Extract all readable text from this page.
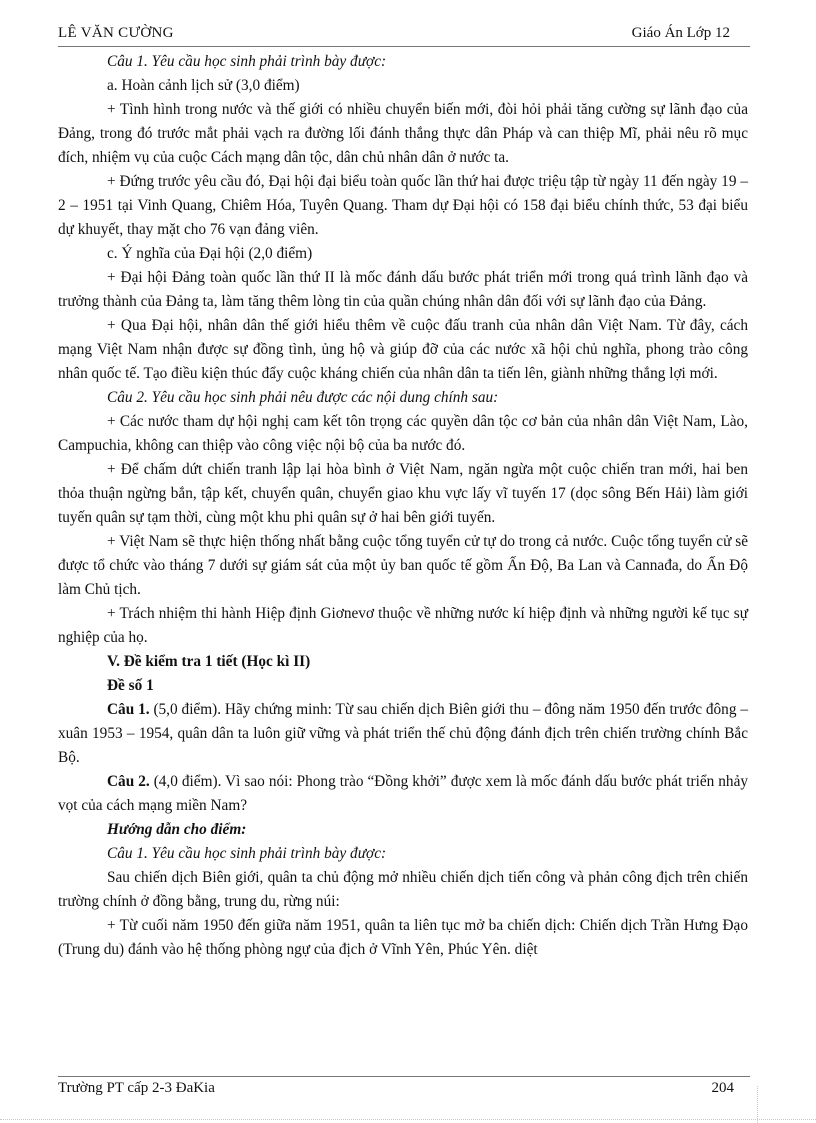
LÊ VĂN CƯỜNG	Giáo Án Lớp 12

Câu 1. Yêu cầu học sinh phải trình bày được:

a. Hoàn cảnh lịch sử (3,0 điểm)

+ Tình hình trong nước và thế giới có nhiều chuyển biến mới, đòi hỏi phải tăng cường sự lãnh đạo của Đảng, trong đó trước mắt phải vạch ra đường lối đánh thắng thực dân Pháp và can thiệp Mĩ, phải nêu rõ mục đích, nhiệm vụ của cuộc Cách mạng dân tộc, dân chủ nhân dân ở nước ta.

+ Đứng trước yêu cầu đó, Đại hội đại biểu toàn quốc lần thứ hai được triệu tập từ ngày 11 đến ngày 19 – 2 – 1951 tại Vinh Quang, Chiêm Hóa, Tuyên Quang. Tham dự Đại hội có 158 đại biểu chính thức, 53 đại biểu dự khuyết, thay mặt cho 76 vạn đảng viên.

c. Ý nghĩa của Đại hội (2,0 điểm)

+ Đại hội Đảng toàn quốc lần thứ II là mốc đánh dấu bước phát triển mới trong quá trình lãnh đạo và trưởng thành của Đảng ta, làm tăng thêm lòng tin của quần chúng nhân dân đối với sự lãnh đạo của Đảng.

+ Qua Đại hội, nhân dân thế giới hiểu thêm về cuộc đấu tranh của nhân dân Việt Nam. Từ đây, cách mạng Việt Nam nhận được sự đồng tình, ủng hộ và giúp đỡ của các nước xã hội chủ nghĩa, phong trào công nhân quốc tế. Tạo điều kiện thúc đẩy cuộc kháng chiến của nhân dân ta tiến lên, giành những thắng lợi mới.

Câu 2. Yêu cầu học sinh phải nêu được các nội dung chính sau:

+ Các nước tham dự hội nghị cam kết tôn trọng các quyền dân tộc cơ bản của nhân dân Việt Nam, Lào, Campuchia, không can thiệp vào công việc nội bộ của ba nước đó.

+ Để chấm dứt chiến tranh lập lại hòa bình ở Việt Nam, ngăn ngừa một cuộc chiến tran mới, hai ben thỏa thuận ngừng bắn, tập kết, chuyển quân, chuyển giao khu vực lấy vĩ tuyến 17 (dọc sông Bến Hải) làm giới tuyến quân sự tạm thời, cùng một khu phi quân sự ở hai bên giới tuyến.

+ Việt Nam sẽ thực hiện thống nhất bằng cuộc tổng tuyển cử tự do trong cả nước. Cuộc tổng tuyển cử sẽ được tổ chức vào tháng 7 dưới sự giám sát của một ủy ban quốc tế gồm Ấn Độ, Ba Lan và Cannađa, do Ấn Độ làm Chủ tịch.

+ Trách nhiệm thi hành Hiệp định Giơnevơ thuộc về những nước kí hiệp định và những người kế tục sự nghiệp của họ.

V. Đề kiểm tra 1 tiết (Học kì II)

Đề số 1

Câu 1. (5,0 điểm). Hãy chứng minh: Từ sau chiến dịch Biên giới thu – đông năm 1950 đến trước đông – xuân 1953 – 1954, quân dân ta luôn giữ vững và phát triển thế chủ động đánh địch trên chiến trường chính Bắc Bộ.

Câu 2. (4,0 điểm). Vì sao nói: Phong trào “Đồng khởi” được xem là mốc đánh dấu bước phát triển nhảy vọt của cách mạng miền Nam?

Hướng dẫn cho điểm:

Câu 1. Yêu cầu học sinh phải trình bày được:

Sau chiến dịch Biên giới, quân ta chủ động mở nhiều chiến dịch tiến công và phản công địch trên chiến trường chính ở đồng bằng, trung du, rừng núi:

+ Từ cuối năm 1950 đến giữa năm 1951, quân ta liên tục mở ba chiến dịch: Chiến dịch Trần Hưng Đạo (Trung du) đánh vào hệ thống phòng ngự của địch ở Vĩnh Yên, Phúc Yên. diệt

Trường PT cấp 2-3 ĐaKia	204
